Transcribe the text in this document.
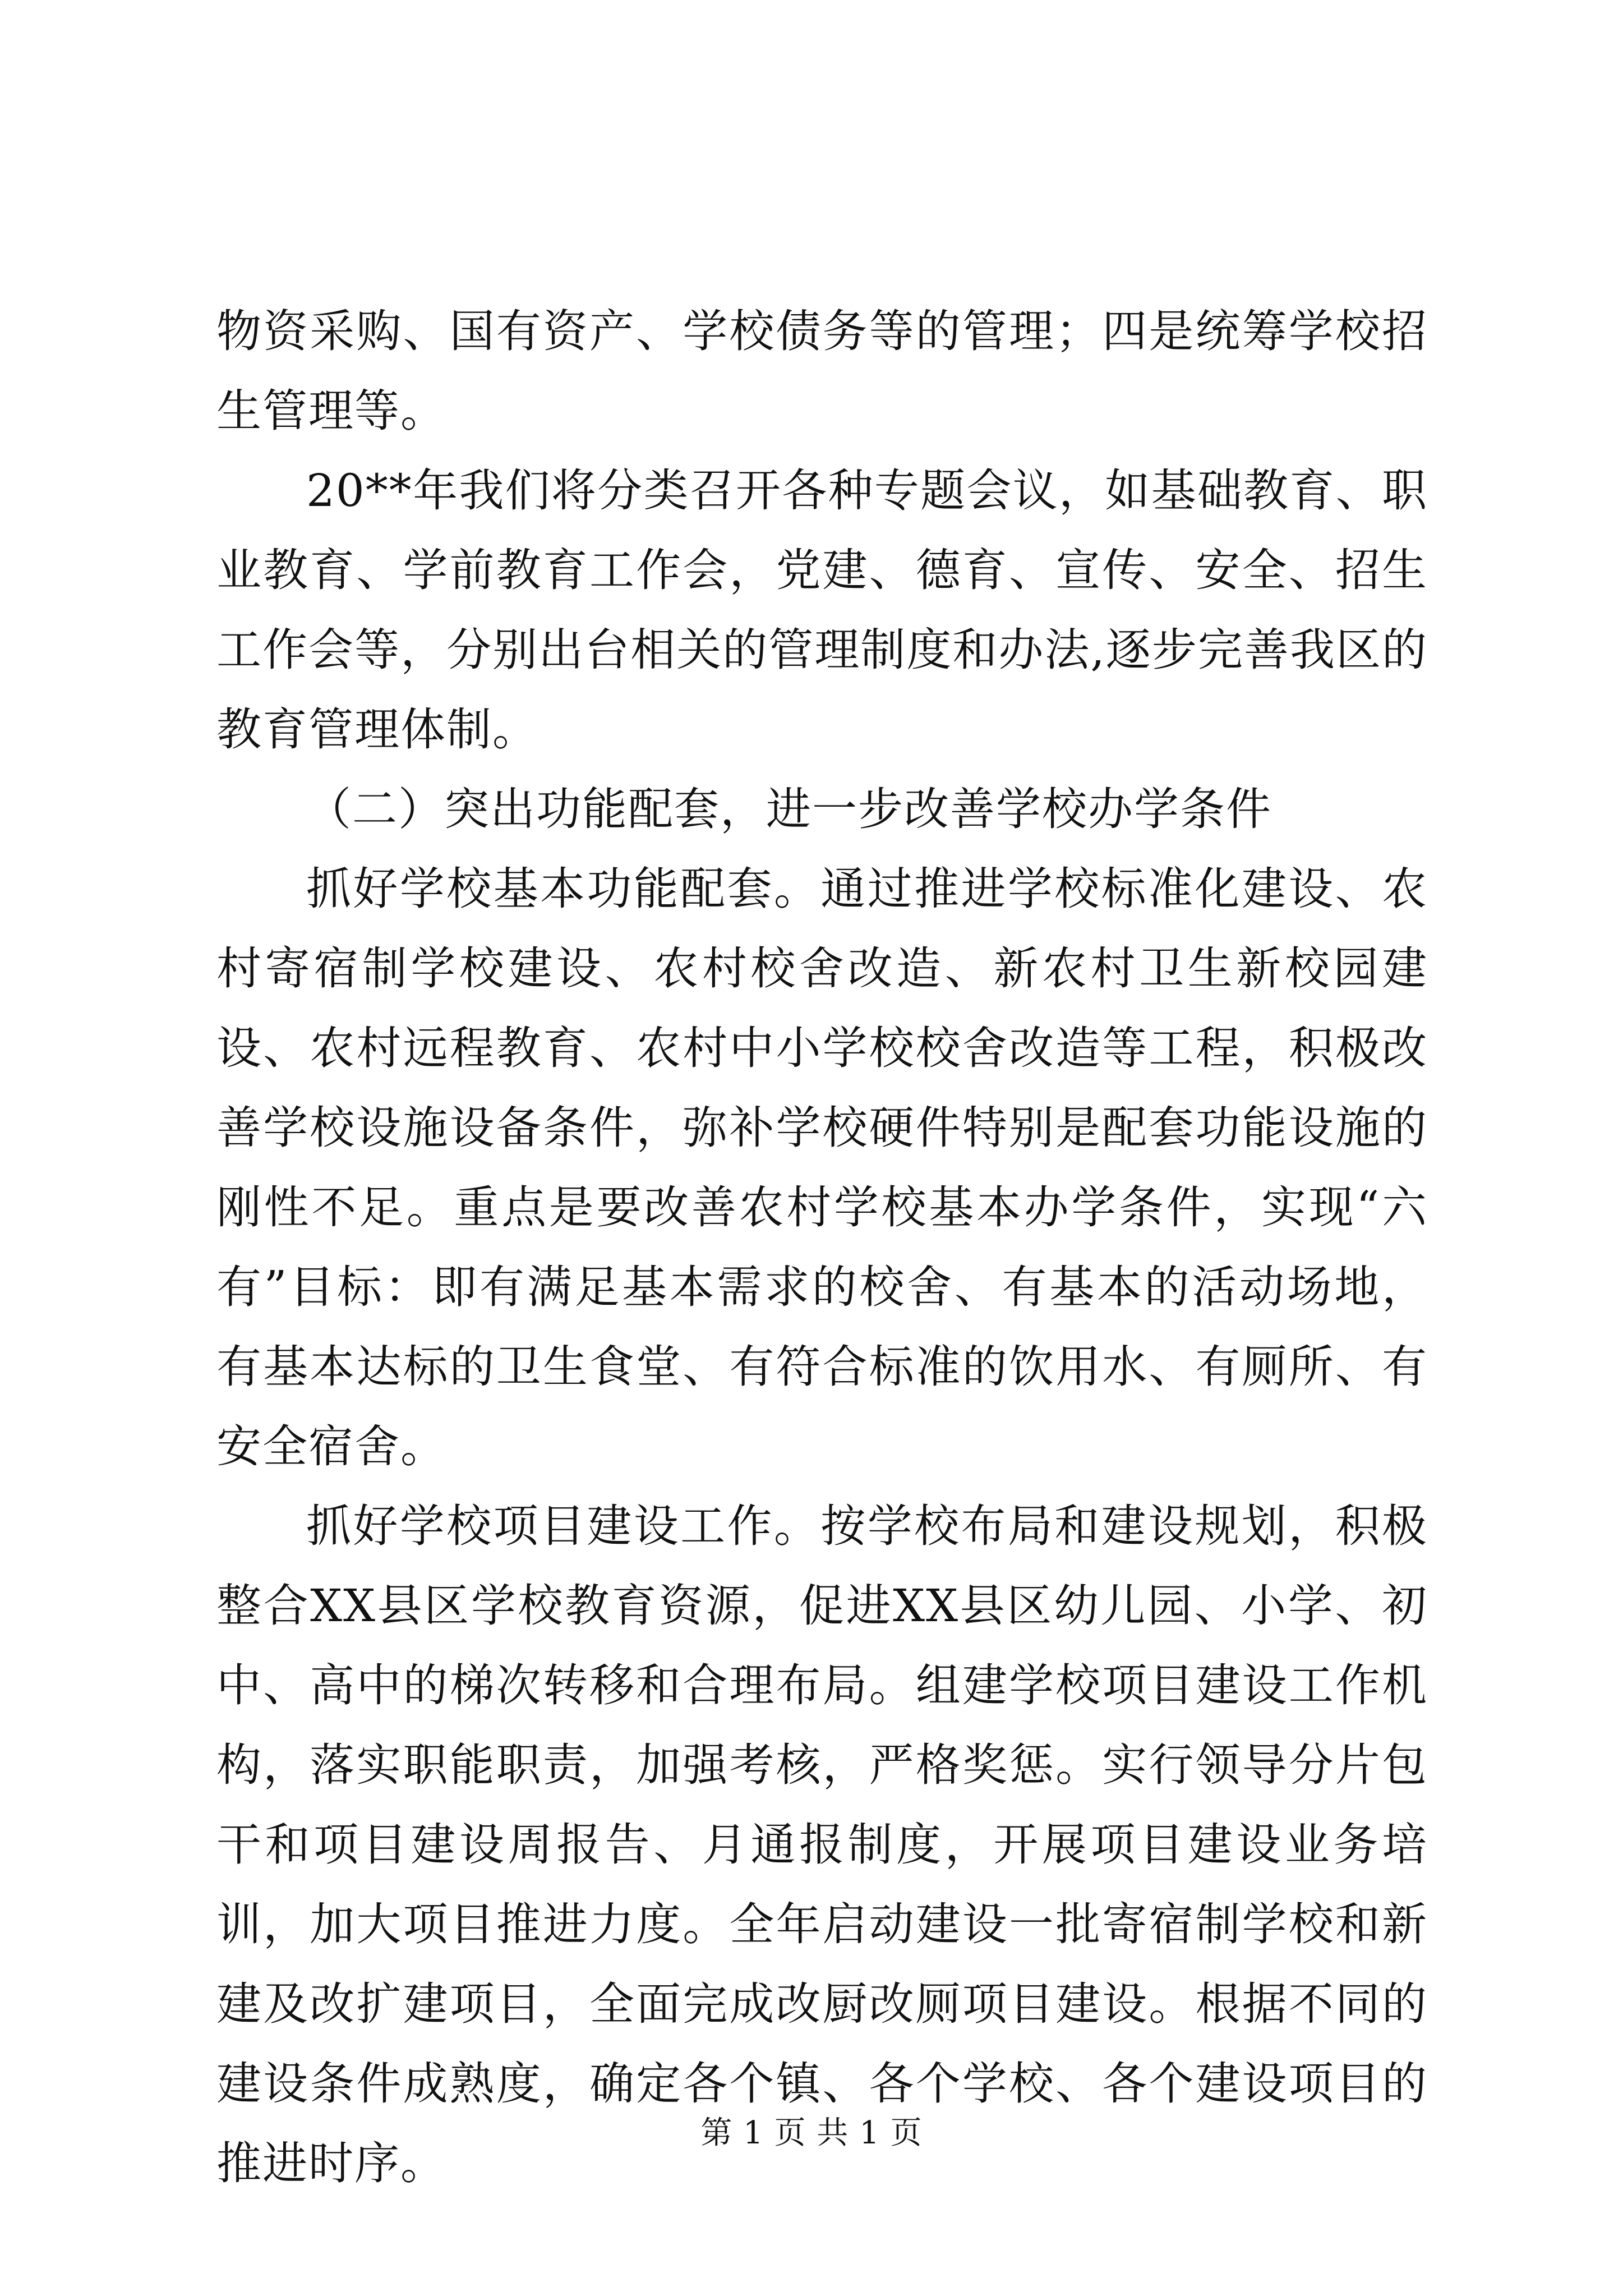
物资采购、国有资产、学校债务等的管理；四是统筹学校招生管理等。

20**年我们将分类召开各种专题会议，如基础教育、职业教育、学前教育工作会，党建、德育、宣传、安全、招生工作会等，分别出台相关的管理制度和办法,逐步完善我区的教育管理体制。

（二）突出功能配套，进一步改善学校办学条件

抓好学校基本功能配套。通过推进学校标准化建设、农村寄宿制学校建设、农村校舍改造、新农村卫生新校园建设、农村远程教育、农村中小学校校舍改造等工程，积极改善学校设施设备条件，弥补学校硬件特别是配套功能设施的刚性不足。重点是要改善农村学校基本办学条件，实现“六有”目标：即有满足基本需求的校舍、有基本的活动场地，有基本达标的卫生食堂、有符合标准的饮用水、有厕所、有安全宿舍。

抓好学校项目建设工作。按学校布局和建设规划，积极整合XX县区学校教育资源，促进XX县区幼儿园、小学、初中、高中的梯次转移和合理布局。组建学校项目建设工作机构，落实职能职责，加强考核，严格奖惩。实行领导分片包干和项目建设周报告、月通报制度，开展项目建设业务培训，加大项目推进力度。全年启动建设一批寄宿制学校和新建及改扩建项目，全面完成改厨改厕项目建设。根据不同的建设条件成熟度，确定各个镇、各个学校、各个建设项目的推进时序。

第 1 页 共 1 页
